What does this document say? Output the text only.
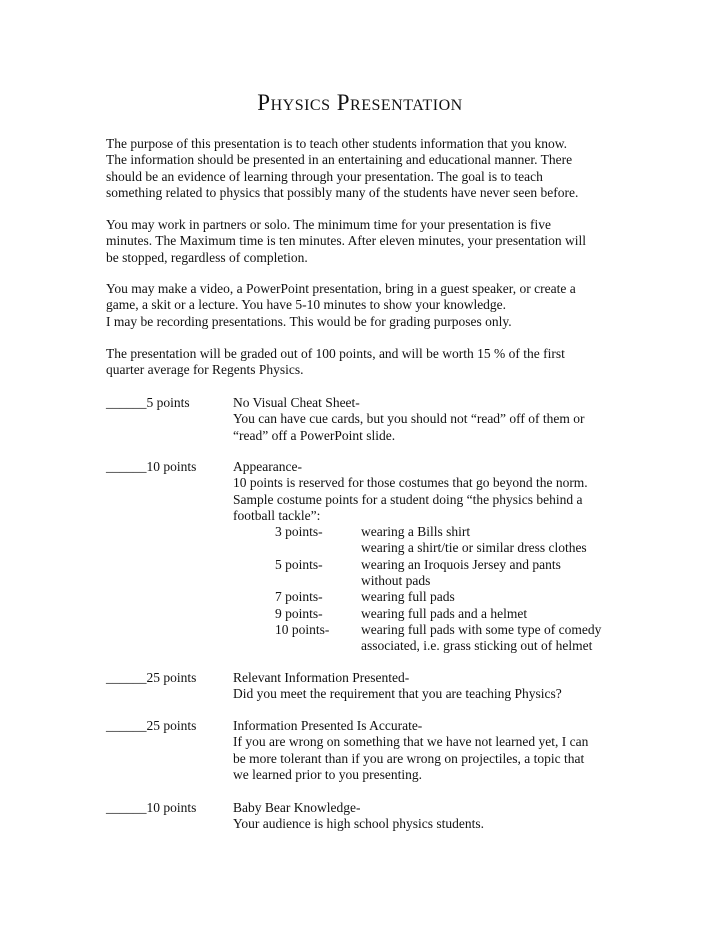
Physics Presentation
The purpose of this presentation is to teach other students information that you know.
The information should be presented in an entertaining and educational manner. There
should be an evidence of learning through your presentation. The goal is to teach
something related to physics that possibly many of the students have never seen before.
You may work in partners or solo. The minimum time for your presentation is five
minutes. The Maximum time is ten minutes. After eleven minutes, your presentation will
be stopped, regardless of completion.
You may make a video, a PowerPoint presentation, bring in a guest speaker, or create a
game, a skit or a lecture. You have 5-10 minutes to show your knowledge.
I may be recording presentations. This would be for grading purposes only.
The presentation will be graded out of 100 points, and will be worth 15 % of the first
quarter average for Regents Physics.
______5 points	No Visual Cheat Sheet-
You can have cue cards, but you should not “read” off of them or
“read” off a PowerPoint slide.
______10 points	Appearance-
10 points is reserved for those costumes that go beyond the norm.
Sample costume points for a student doing “the physics behind a
football tackle”:
3 points-	wearing a Bills shirt
wearing a shirt/tie or similar dress clothes
5 points-	wearing an Iroquois Jersey and pants
without pads
7 points-	wearing full pads
9 points-	wearing full pads and a helmet
10 points- wearing full pads with some type of comedy
associated, i.e. grass sticking out of helmet
______25 points	Relevant Information Presented-
Did you meet the requirement that you are teaching Physics?
______25 points	Information Presented Is Accurate-
If you are wrong on something that we have not learned yet, I can
be more tolerant than if you are wrong on projectiles, a topic that
we learned prior to you presenting.
______10 points	Baby Bear Knowledge-
Your audience is high school physics students.
